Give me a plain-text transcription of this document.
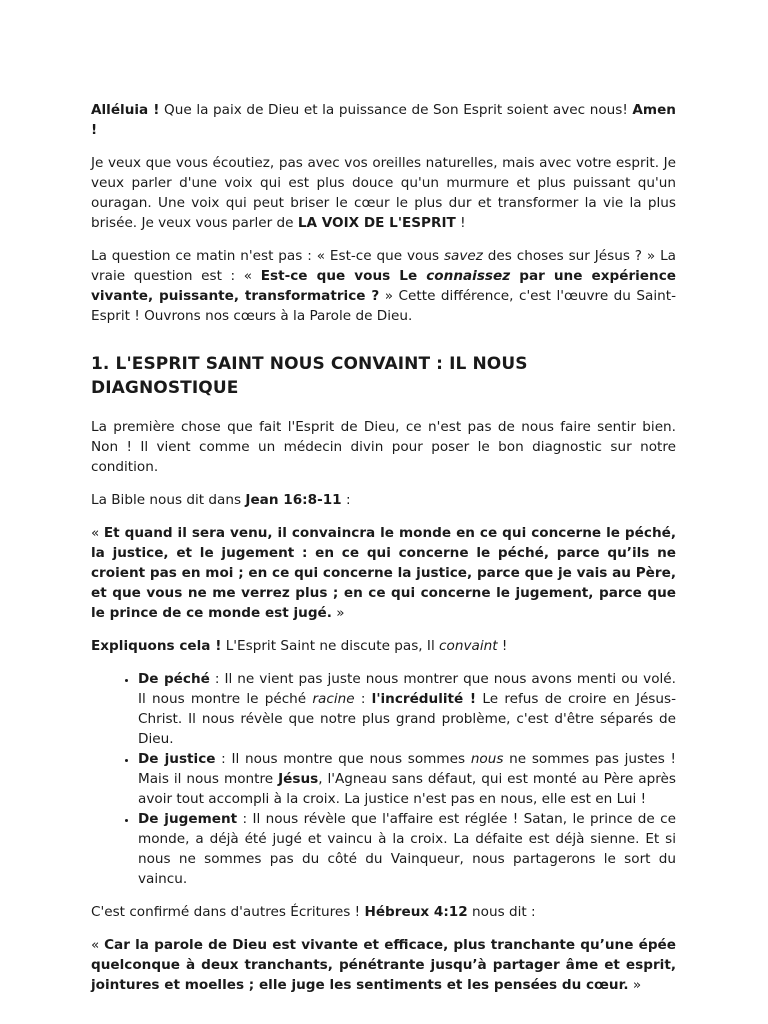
Alléluia ! Que la paix de Dieu et la puissance de Son Esprit soient avec nous! Amen !

Je veux que vous écoutiez, pas avec vos oreilles naturelles, mais avec votre esprit. Je veux parler d'une voix qui est plus douce qu'un murmure et plus puissant qu'un ouragan. Une voix qui peut briser le cœur le plus dur et transformer la vie la plus brisée. Je veux vous parler de LA VOIX DE L'ESPRIT !

La question ce matin n'est pas : « Est-ce que vous savez des choses sur Jésus ? » La vraie question est : « Est-ce que vous Le connaissez par une expérience vivante, puissante, transformatrice ? » Cette différence, c'est l'œuvre du Saint-Esprit ! Ouvrons nos cœurs à la Parole de Dieu.

1. L'ESPRIT SAINT NOUS CONVAINT : IL NOUS DIAGNOSTIQUE

La première chose que fait l'Esprit de Dieu, ce n'est pas de nous faire sentir bien. Non ! Il vient comme un médecin divin pour poser le bon diagnostic sur notre condition.

La Bible nous dit dans Jean 16:8-11 :

« Et quand il sera venu, il convaincra le monde en ce qui concerne le péché, la justice, et le jugement : en ce qui concerne le péché, parce qu’ils ne croient pas en moi ; en ce qui concerne la justice, parce que je vais au Père, et que vous ne me verrez plus ; en ce qui concerne le jugement, parce que le prince de ce monde est jugé. »

Expliquons cela ! L'Esprit Saint ne discute pas, Il convaint !

• De péché : Il ne vient pas juste nous montrer que nous avons menti ou volé. Il nous montre le péché racine : l'incrédulité ! Le refus de croire en Jésus-Christ. Il nous révèle que notre plus grand problème, c'est d'être séparés de Dieu.
• De justice : Il nous montre que nous sommes nous ne sommes pas justes ! Mais il nous montre Jésus, l'Agneau sans défaut, qui est monté au Père après avoir tout accompli à la croix. La justice n'est pas en nous, elle est en Lui !
• De jugement : Il nous révèle que l'affaire est réglée ! Satan, le prince de ce monde, a déjà été jugé et vaincu à la croix. La défaite est déjà sienne. Et si nous ne sommes pas du côté du Vainqueur, nous partagerons le sort du vaincu.

C'est confirmé dans d'autres Écritures ! Hébreux 4:12 nous dit :

« Car la parole de Dieu est vivante et efficace, plus tranchante qu’une épée quelconque à deux tranchants, pénétrante jusqu’à partager âme et esprit, jointures et moelles ; elle juge les sentiments et les pensées du cœur. »
